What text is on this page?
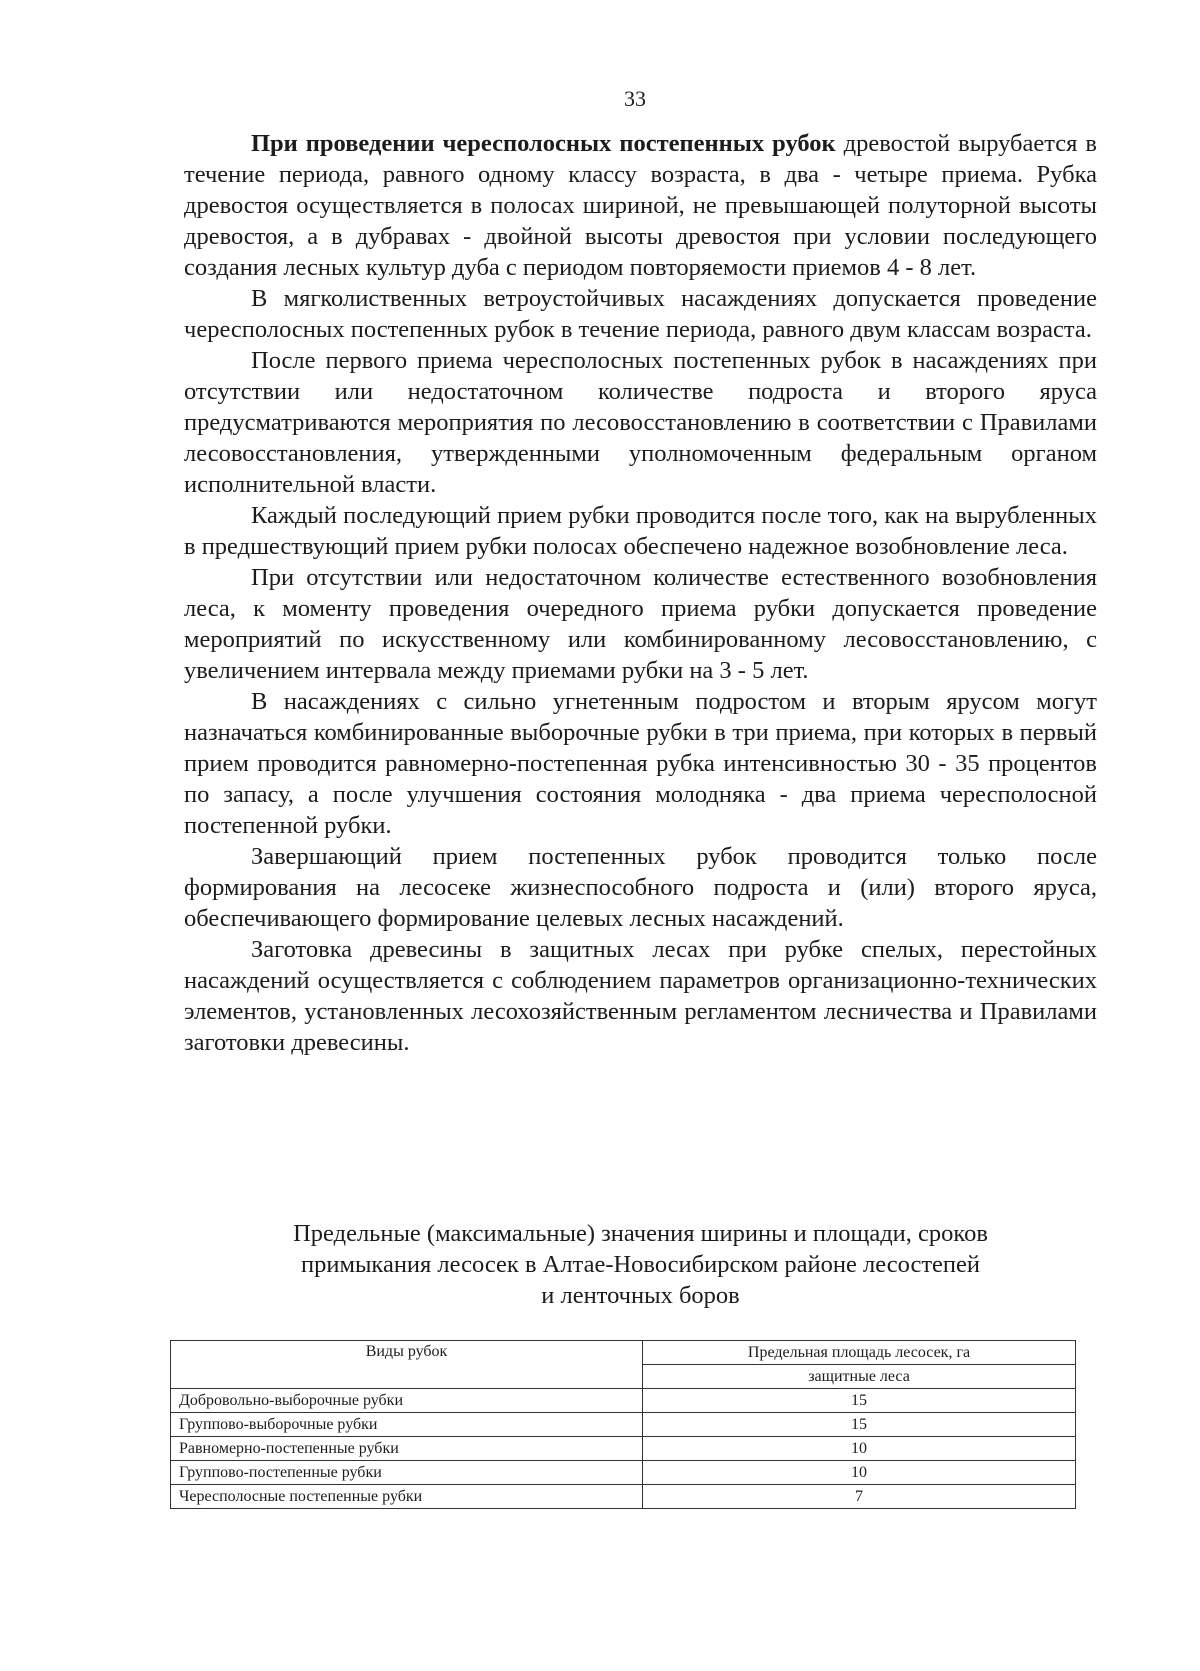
33

При проведении чересполосных постепенных рубок древостой вырубается в течение периода, равного одному классу возраста, в два - четыре приема. Рубка древостоя осуществляется в полосах шириной, не превышающей полуторной высоты древостоя, а в дубравах - двойной высоты древостоя при условии последующего создания лесных культур дуба с периодом повторяемости приемов 4 - 8 лет.

В мягколиственных ветроустойчивых насаждениях допускается проведение чересполосных постепенных рубок в течение периода, равного двум классам возраста.

После первого приема чересполосных постепенных рубок в насаждениях при отсутствии или недостаточном количестве подроста и второго яруса предусматриваются мероприятия по лесовосстановлению в соответствии с Правилами лесовосстановления, утвержденными уполномоченным федеральным органом исполнительной власти.

Каждый последующий прием рубки проводится после того, как на вырубленных в предшествующий прием рубки полосах обеспечено надежное возобновление леса.

При отсутствии или недостаточном количестве естественного возобновления леса, к моменту проведения очередного приема рубки допускается проведение мероприятий по искусственному или комбинированному лесовосстановлению, с увеличением интервала между приемами рубки на 3 - 5 лет.

В насаждениях с сильно угнетенным подростом и вторым ярусом могут назначаться комбинированные выборочные рубки в три приема, при которых в первый прием проводится равномерно-постепенная рубка интенсивностью 30 - 35 процентов по запасу, а после улучшения состояния молодняка - два приема чересполосной постепенной рубки.

Завершающий прием постепенных рубок проводится только после формирования на лесосеке жизнеспособного подроста и (или) второго яруса, обеспечивающего формирование целевых лесных насаждений.

Заготовка древесины в защитных лесах при рубке спелых, перестойных насаждений осуществляется с соблюдением параметров организационно-технических элементов, установленных лесохозяйственным регламентом лесничества и Правилами заготовки древесины.

Предельные (максимальные) значения ширины и площади, сроков
примыкания лесосек в Алтае-Новосибирском районе лесостепей
и ленточных боров
Виды рубок	Предельная площадь лесосек, га
	защитные леса
Добровольно-выборочные рубки	15
Группово-выборочные рубки	15
Равномерно-постепенные рубки	10
Группово-постепенные рубки	10
Чересполосные постепенные рубки	7
